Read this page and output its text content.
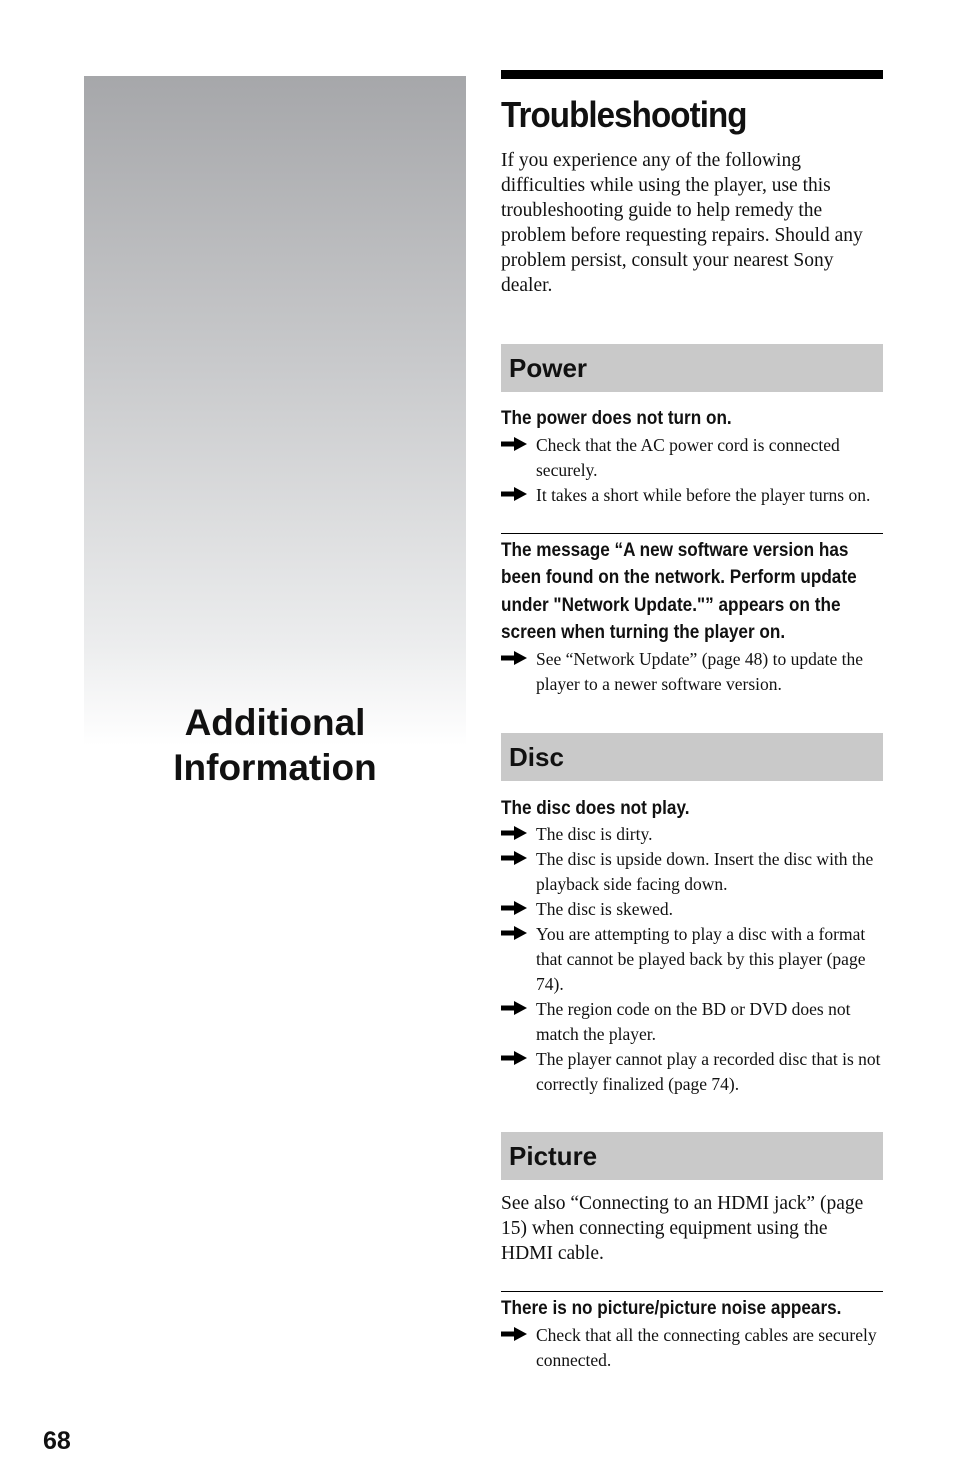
Additional
Information
Troubleshooting

If you experience any of the following difficulties while using the player, use this troubleshooting guide to help remedy the problem before requesting repairs. Should any problem persist, consult your nearest Sony dealer.

Power
The power does not turn on.
Check that the AC power cord is connected securely.
It takes a short while before the player turns on.
The message “A new software version has been found on the network. Perform update under "Network Update."” appears on the screen when turning the player on.
See “Network Update” (page 48) to update the player to a newer software version.
Disc
The disc does not play.
The disc is dirty.
The disc is upside down. Insert the disc with the playback side facing down.
The disc is skewed.
You are attempting to play a disc with a format that cannot be played back by this player (page 74).
The region code on the BD or DVD does not match the player.
The player cannot play a recorded disc that is not correctly finalized (page 74).
Picture

See also “Connecting to an HDMI jack” (page 15) when connecting equipment using the HDMI cable.

There is no picture/picture noise appears.
Check that all the connecting cables are securely connected.
68
